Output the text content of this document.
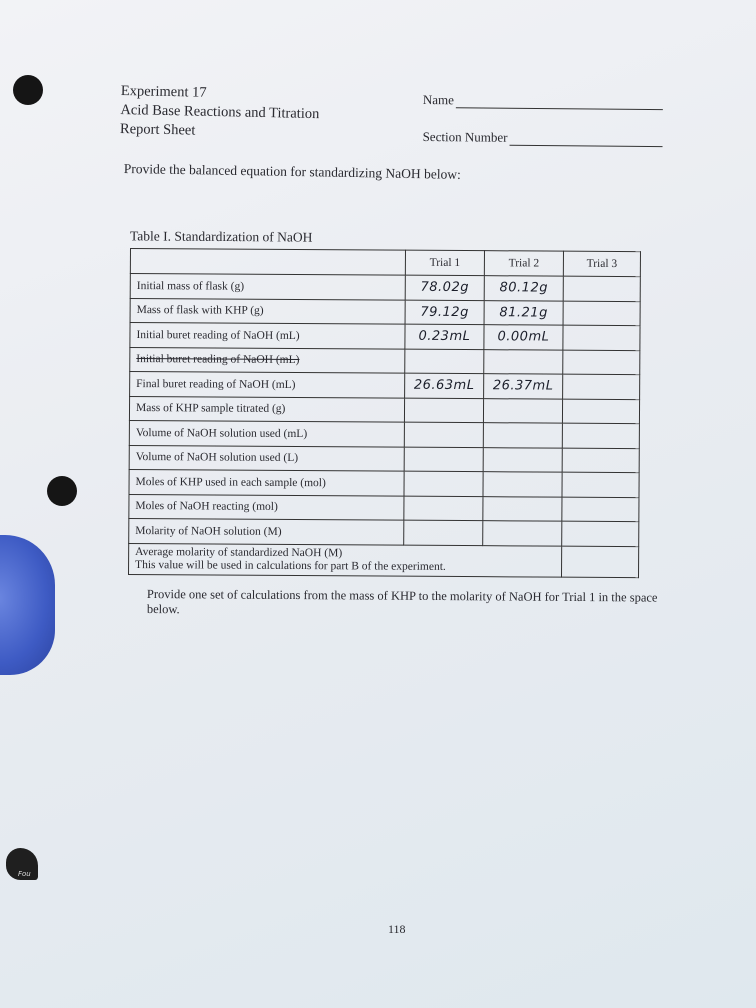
Fou
Experiment 17
Acid Base Reactions and Titration
Report Sheet
Name
Section Number
Provide the balanced equation for standardizing NaOH below:
Table I. Standardization of NaOH
	Trial 1	Trial 2	Trial 3
Initial mass of flask (g)	78.02g	80.12g	
Mass of flask with KHP (g)	79.12g	81.21g	
Initial buret reading of NaOH (mL)	0.23mL	0.00mL	
Initial buret reading of NaOH (mL)			
Final buret reading of NaOH (mL)	26.63mL	26.37mL	
Mass of KHP sample titrated (g)			
Volume of NaOH solution used (mL)			
Volume of NaOH solution used (L)			
Moles of KHP used in each sample (mol)			
Moles of NaOH reacting (mol)			
Molarity of NaOH solution (M)			

Average molarity of standardized NaOH (M)
This value will be used in calculations for part B of the experiment.			

Provide one set of calculations from the mass of KHP to the molarity of NaOH for Trial 1 in the space below.
118
